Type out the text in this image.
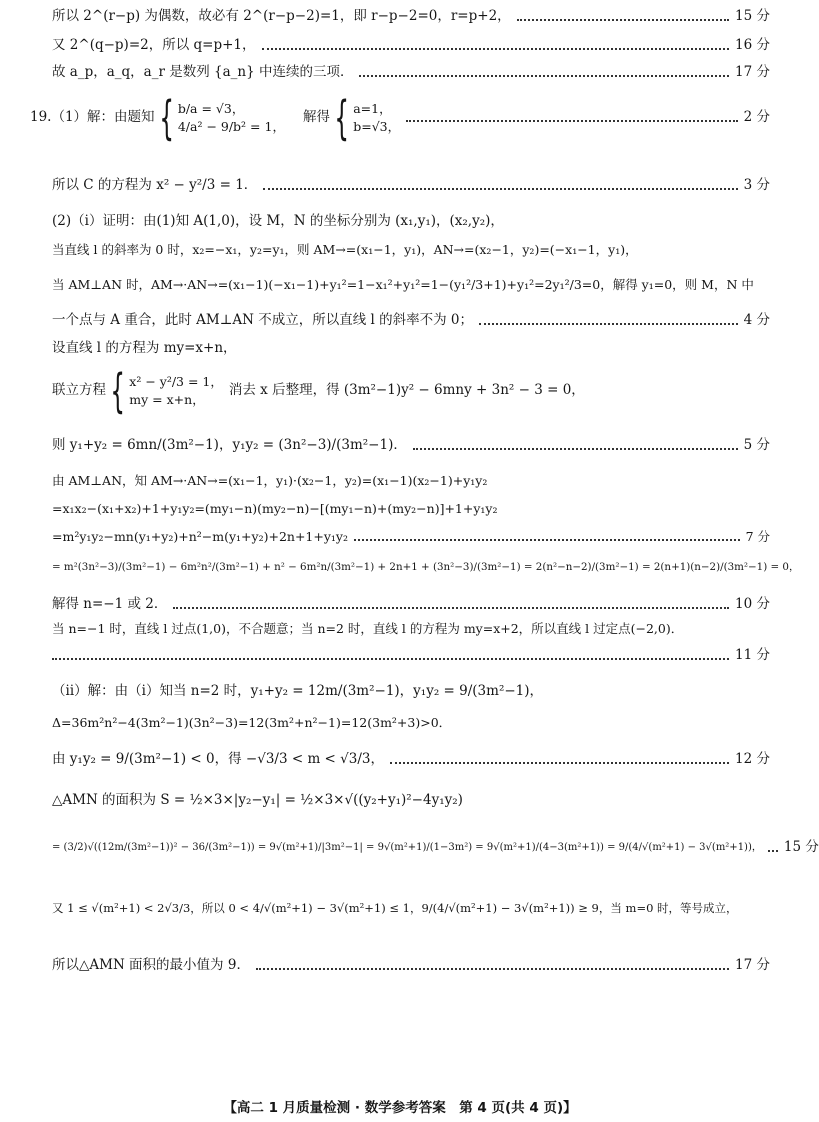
所以 2^(r−p) 为偶数，故必有 2^(r−p−2)=1，即 r−p−2=0，r=p+2，	15 分
又 2^(q−p)=2，所以 q=p+1，	16 分
故 a_p，a_q，a_r 是数列 {a_n} 中连续的三项．	17 分
19.（1）解：由题知 { b/a = √3，
4/a² − 9/b² = 1，
解得 { a=1，
b=√3，
2 分
所以 C 的方程为 x² − y²/3 = 1．	3 分
(2)（ⅰ）证明：由(1)知 A(1,0)，设 M，N 的坐标分别为 (x₁,y₁)，(x₂,y₂)，
当直线 l 的斜率为 0 时，x₂=−x₁，y₂=y₁，则 AM→=(x₁−1，y₁)，AN→=(x₂−1，y₂)=(−x₁−1，y₁)，
当 AM⊥AN 时，AM→·AN→=(x₁−1)(−x₁−1)+y₁²=1−x₁²+y₁²=1−(y₁²/3+1)+y₁²=2y₁²/3=0，解得 y₁=0，则 M，N 中
一个点与 A 重合，此时 AM⊥AN 不成立，所以直线 l 的斜率不为 0；	4 分
设直线 l 的方程为 my=x+n，
联立方程 { x² − y²/3 = 1，
my = x+n，
消去 x 后整理，得 (3m²−1)y² − 6mny + 3n² − 3 = 0，
则 y₁+y₂ = 6mn/(3m²−1)，y₁y₂ = (3n²−3)/(3m²−1)．	5 分
由 AM⊥AN，知 AM→·AN→=(x₁−1，y₁)·(x₂−1，y₂)=(x₁−1)(x₂−1)+y₁y₂
=x₁x₂−(x₁+x₂)+1+y₁y₂=(my₁−n)(my₂−n)−[(my₁−n)+(my₂−n)]+1+y₁y₂
=m²y₁y₂−mn(y₁+y₂)+n²−m(y₁+y₂)+2n+1+y₁y₂	7 分
= m²(3n²−3)/(3m²−1) − 6m²n²/(3m²−1) + n² − 6m²n/(3m²−1) + 2n+1 + (3n²−3)/(3m²−1) = 2(n²−n−2)/(3m²−1) = 2(n+1)(n−2)/(3m²−1) = 0，
解得 n=−1 或 2．	10 分
当 n=−1 时，直线 l 过点(1,0)，不合题意；当 n=2 时，直线 l 的方程为 my=x+2，所以直线 l 过定点(−2,0)．
11 分
（ⅱ）解：由（ⅰ）知当 n=2 时，y₁+y₂ = 12m/(3m²−1)，y₁y₂ = 9/(3m²−1)，
Δ=36m²n²−4(3m²−1)(3n²−3)=12(3m²+n²−1)=12(3m²+3)>0．
由 y₁y₂ = 9/(3m²−1) < 0，得 −√3/3 < m < √3/3，	12 分
△AMN 的面积为 S = ½×3×|y₂−y₁| = ½×3×√((y₂+y₁)²−4y₁y₂)
= (3/2)√((12m/(3m²−1))² − 36/(3m²−1)) = 9√(m²+1)/|3m²−1| = 9√(m²+1)/(1−3m²) = 9√(m²+1)/(4−3(m²+1)) = 9/(4/√(m²+1) − 3√(m²+1))， 15 分
又 1 ≤ √(m²+1) < 2√3/3，所以 0 < 4/√(m²+1) − 3√(m²+1) ≤ 1，9/(4/√(m²+1) − 3√(m²+1)) ≥ 9，当 m=0 时，等号成立，
所以△AMN 面积的最小值为 9．	17 分
【高二 1 月质量检测 · 数学参考答案　第 4 页(共 4 页)】
